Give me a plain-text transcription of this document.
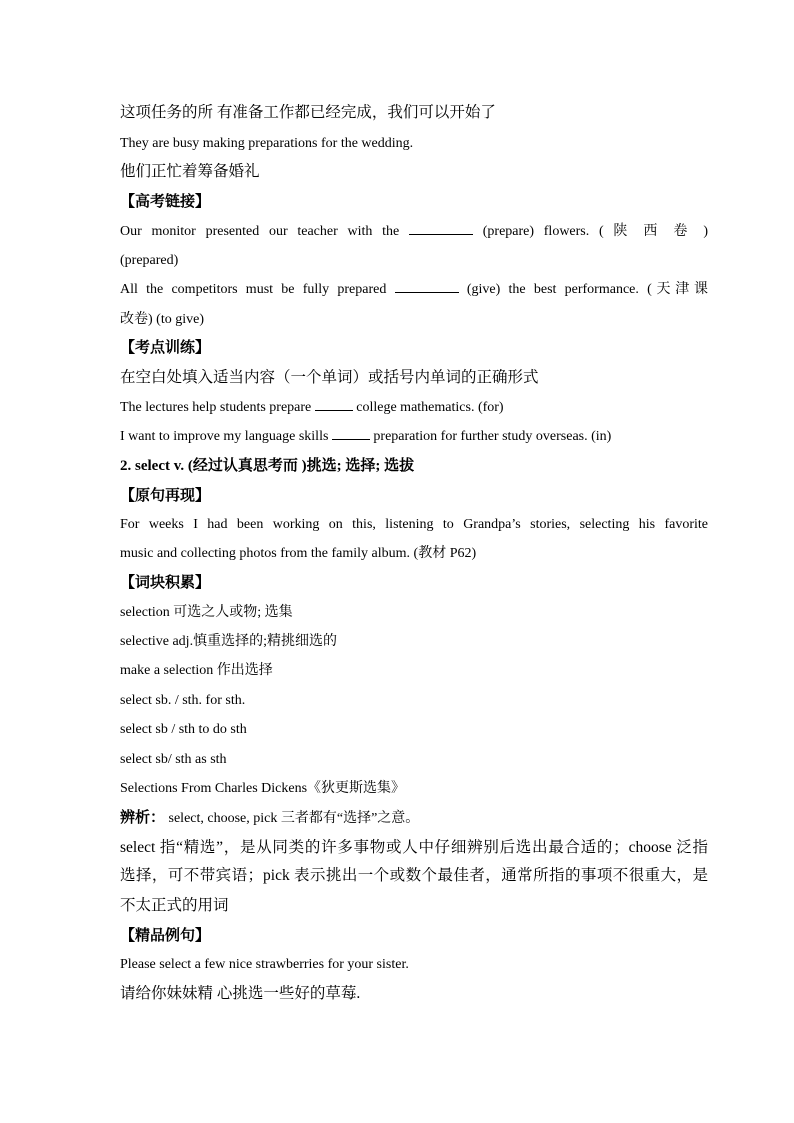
这项任务的所 有准备工作都已经完成，我们可以开始了
They are busy making preparations for the wedding.
他们正忙着筹备婚礼
【高考链接】
Our monitor presented our teacher with the	(prepare) flowers. ( 陕 西 卷 )
(prepared)
All the competitors must be fully prepared	(give) the best performance. (天津课
改卷) (to give)
【考点训练】
在空白处填入适当内容（一个单词）或括号内单词的正确形式
The lectures help students prepare	college mathematics. (for)
I want to improve my language skills	preparation for further study overseas. (in)
2. select v. (经过认真思考而 )挑选; 选择; 选拔
【原句再现】
For weeks I had been working on this, listening to Grandpa’s stories, selecting his favorite
music and collecting photos from the family album. (教材 P62)
【词块积累】
selection 可选之人或物; 选集
selective adj.慎重选择的;精挑细选的
make a selection 作出选择
select sb. / sth. for sth.
select sb / sth to do sth
select sb/ sth as sth
Selections From Charles Dickens《狄更斯选集》
辨析： select, choose, pick 三者都有“选择”之意。
select 指“精选”，是从同类的许多事物或人中仔细辨别后选出最合适的；choose 泛指
选择，可不带宾语；pick 表示挑出一个或数个最佳者，通常所指的事项不很重大，是
不太正式的用词
【精品例句】
Please select a few nice strawberries for your sister.
请给你妹妹精 心挑选一些好的草莓.
